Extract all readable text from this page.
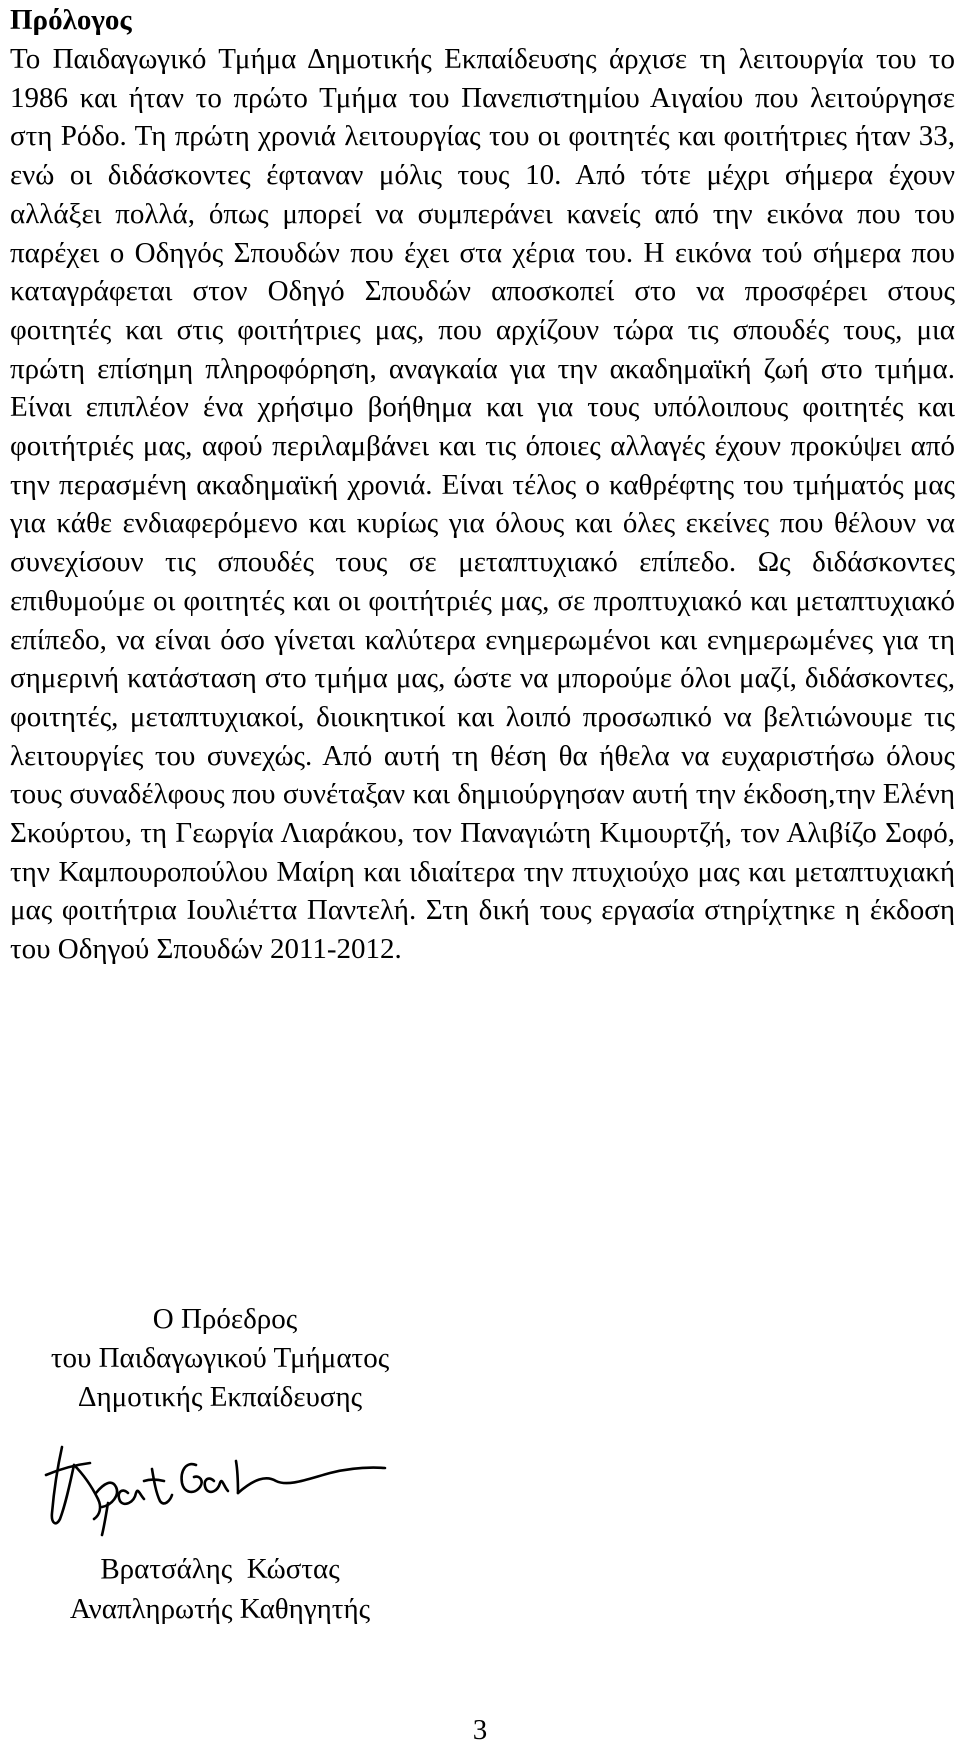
Πρόλογος

Το Παιδαγωγικό Τμήμα Δημοτικής Εκπαίδευσης άρχισε τη λειτουργία του το 1986 και ήταν το πρώτο Τμήμα του Πανεπιστημίου Αιγαίου που λειτούργησε στη Ρόδο. Τη πρώτη χρονιά λειτουργίας του οι φοιτητές και φοιτήτριες ήταν 33, ενώ οι διδάσκοντες έφταναν μόλις τους 10. Από τότε μέχρι σήμερα έχουν αλλάξει πολλά, όπως μπορεί να συμπεράνει κανείς από την εικόνα που του παρέχει ο Οδηγός Σπουδών που έχει στα χέρια του. Η εικόνα τού σήμερα που καταγράφεται στον Οδηγό Σπουδών αποσκοπεί στο να προσφέρει στους φοιτητές και στις φοιτήτριες μας, που αρχίζουν τώρα τις σπουδές τους, μια πρώτη επίσημη πληροφόρηση, αναγκαία για την ακαδημαϊκή ζωή στο τμήμα. Είναι επιπλέον ένα χρήσιμο βοήθημα και για τους υπόλοιπους φοιτητές και φοιτήτριές μας, αφού περιλαμβάνει και τις όποιες αλλαγές έχουν προκύψει από την περασμένη ακαδημαϊκή χρονιά. Είναι τέλος ο καθρέφτης του τμήματός μας για κάθε ενδιαφερόμενο και κυρίως για όλους και όλες εκείνες που θέλουν να συνεχίσουν τις σπουδές τους σε μεταπτυχιακό επίπεδο. Ως διδάσκοντες επιθυμούμε οι φοιτητές και οι φοιτήτριές μας, σε προπτυχιακό και μεταπτυχιακό επίπεδο, να είναι όσο γίνεται καλύτερα ενημερωμένοι και ενημερωμένες για τη σημερινή κατάσταση στο τμήμα μας, ώστε να μπορούμε όλοι μαζί, διδάσκοντες, φοιτητές, μεταπτυχιακοί, διοικητικοί και λοιπό προσωπικό να βελτιώνουμε τις λειτουργίες του συνεχώς. Από αυτή τη θέση θα ήθελα να ευχαριστήσω όλους τους συναδέλφους που συνέταξαν και δημιούργησαν αυτή την έκδοση,την Ελένη Σκούρτου, τη Γεωργία Λιαράκου, τον Παναγιώτη Κιμουρτζή, τον Αλιβίζο Σοφό, την Καμπουροπούλου Μαίρη και ιδιαίτερα την πτυχιούχο μας και μεταπτυχιακή μας φοιτήτρια Ιουλιέττα Παντελή. Στη δική τους εργασία στηρίχτηκε η έκδοση του Οδηγού Σπουδών 2011-2012.

Ο Πρόεδρος
του Παιδαγωγικού Τμήματος
Δημοτικής Εκπαίδευσης
Βρατσάλης  Κώστας
Αναπληρωτής Καθηγητής
3
